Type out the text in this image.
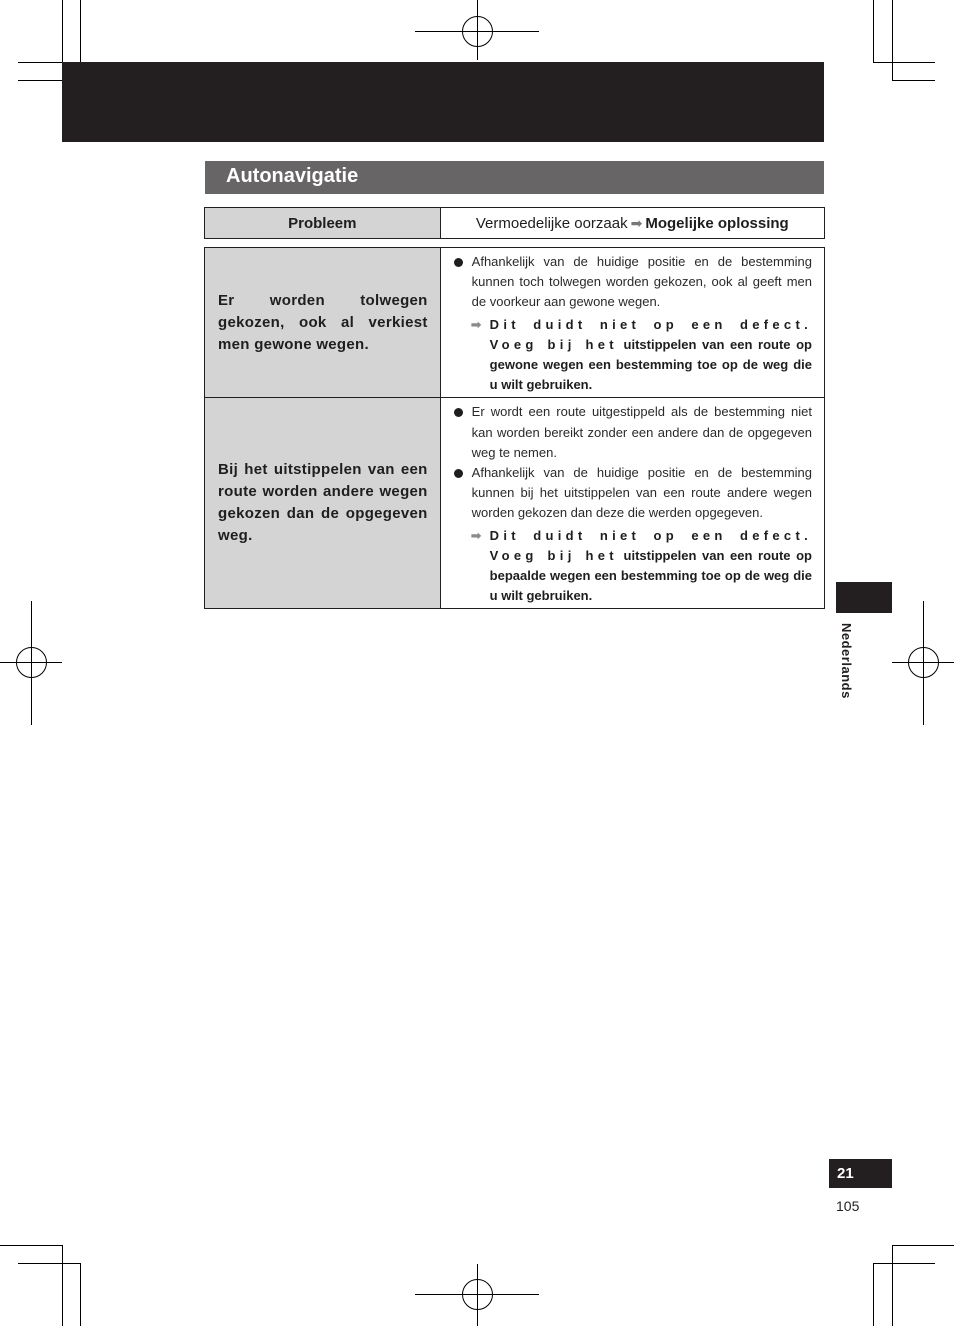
Autonavigatie
Probleem	Vermoedelijke oorzaak ➡ Mogelijke oplossing
Er worden tolwegen gekozen, ook al verkiest men gewone wegen.	Afhankelijk van de huidige positie en de bestemming kunnen toch tolwegen worden gekozen, ook al geeft men de voorkeur aan gewone wegen.
➡ Dit duidt niet op een defect. Voeg bij het uitstippelen van een route op gewone wegen een bestemming toe op de weg die u wilt gebruiken.

Bij het uitstippelen van een route worden andere wegen gekozen dan de opgegeven weg.	Er wordt een route uitgestippeld als de bestemming niet kan worden bereikt zonder een andere dan de opgegeven weg te nemen.
Afhankelijk van de huidige positie en de bestemming kunnen bij het uitstippelen van een route andere wegen worden gekozen dan deze die werden opgegeven.
➡ Dit duidt niet op een defect. Voeg bij het uitstippelen van een route op bepaalde wegen een bestemming toe op de weg die u wilt gebruiken.
Nederlands
21
105
